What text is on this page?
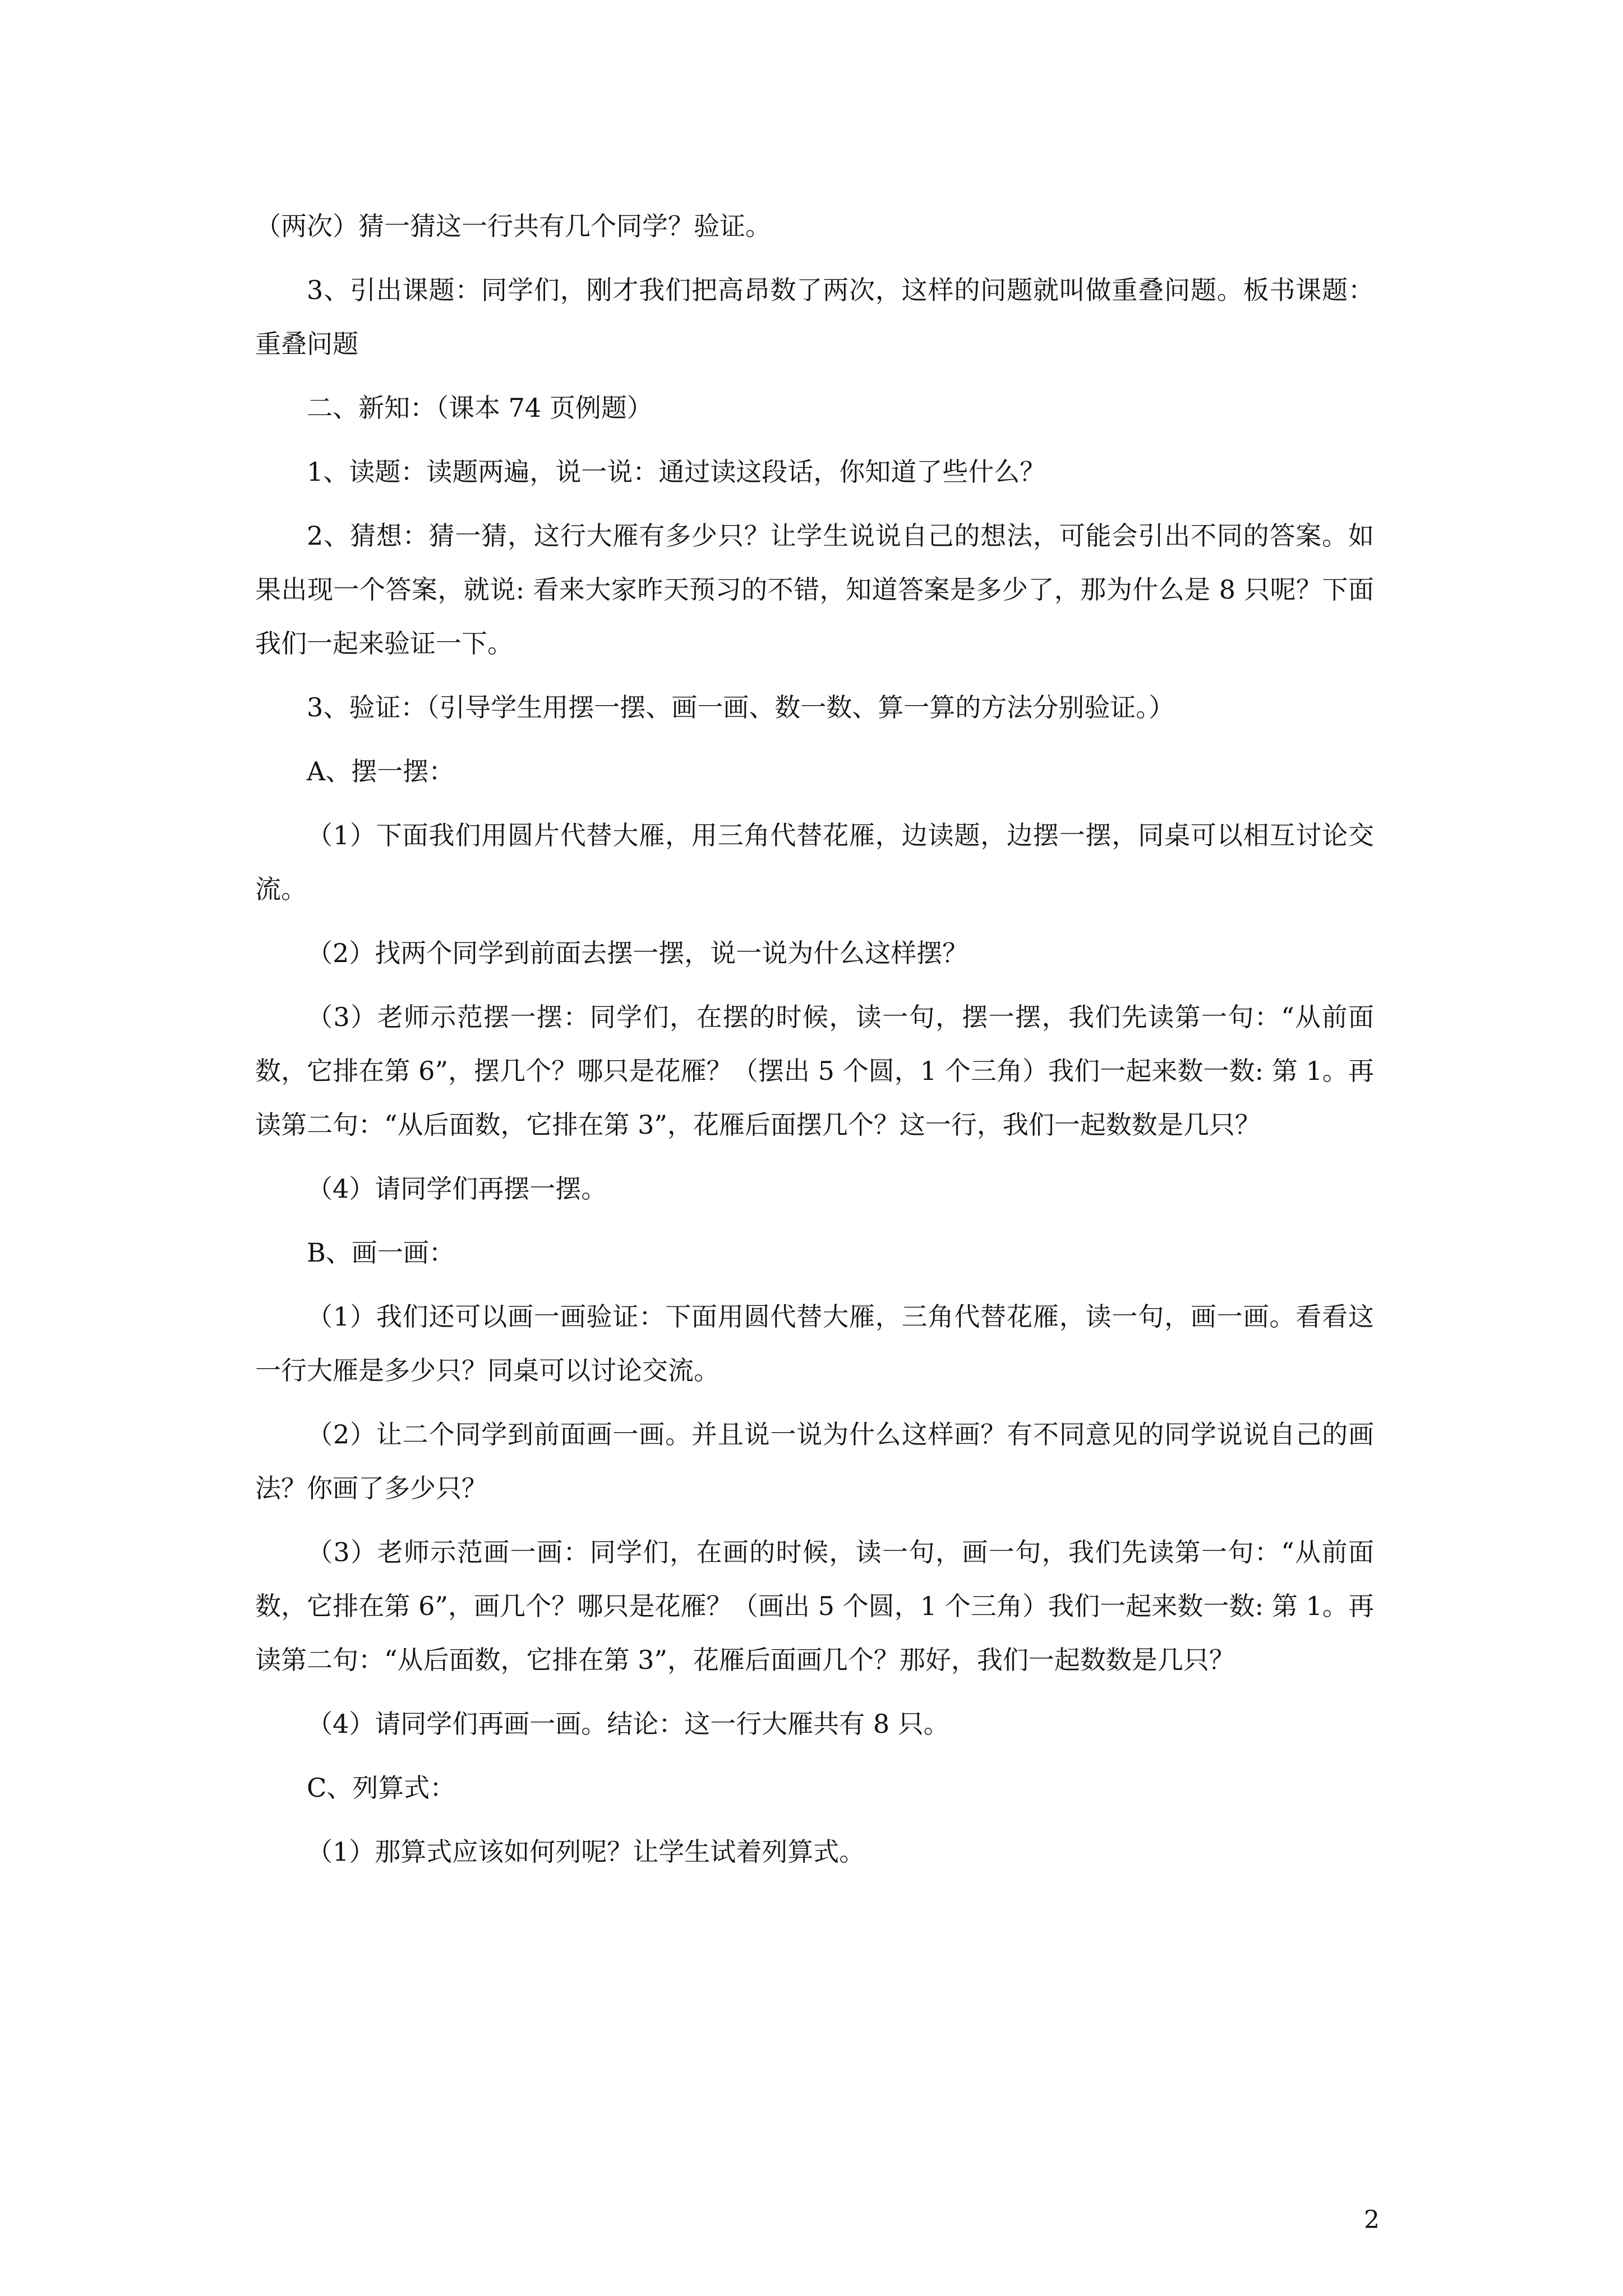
（两次）猜一猜这一行共有几个同学？验证。

3、引出课题：同学们，刚才我们把高昂数了两次，这样的问题就叫做重叠问题。板书课题：重叠问题

二、新知：（课本 74 页例题）

1、读题：读题两遍，说一说：通过读这段话，你知道了些什么？

2、猜想：猜一猜，这行大雁有多少只？让学生说说自己的想法，可能会引出不同的答案。如果出现一个答案，就说: 看来大家昨天预习的不错，知道答案是多少了，那为什么是 8 只呢？下面我们一起来验证一下。

3、验证：（引导学生用摆一摆、画一画、数一数、算一算的方法分别验证。）

A、摆一摆：

（1）下面我们用圆片代替大雁，用三角代替花雁，边读题，边摆一摆，同桌可以相互讨论交流。

（2）找两个同学到前面去摆一摆，说一说为什么这样摆？

（3）老师示范摆一摆：同学们，在摆的时候，读一句，摆一摆，我们先读第一句：“从前面数，它排在第 6”，摆几个？哪只是花雁？（摆出 5 个圆，1 个三角）我们一起来数一数: 第 1。再读第二句：“从后面数，它排在第 3”，花雁后面摆几个？这一行，我们一起数数是几只？

（4）请同学们再摆一摆。

B、画一画：

（1）我们还可以画一画验证：下面用圆代替大雁，三角代替花雁，读一句，画一画。看看这一行大雁是多少只？同桌可以讨论交流。

（2）让二个同学到前面画一画。并且说一说为什么这样画？有不同意见的同学说说自己的画法？你画了多少只？

（3）老师示范画一画：同学们，在画的时候，读一句，画一句，我们先读第一句：“从前面数，它排在第 6”，画几个？哪只是花雁？（画出 5 个圆，1 个三角）我们一起来数一数: 第 1。再读第二句：“从后面数，它排在第 3”，花雁后面画几个？那好，我们一起数数是几只？

（4）请同学们再画一画。结论：这一行大雁共有 8 只。

C、列算式：

（1）那算式应该如何列呢？让学生试着列算式。

2
